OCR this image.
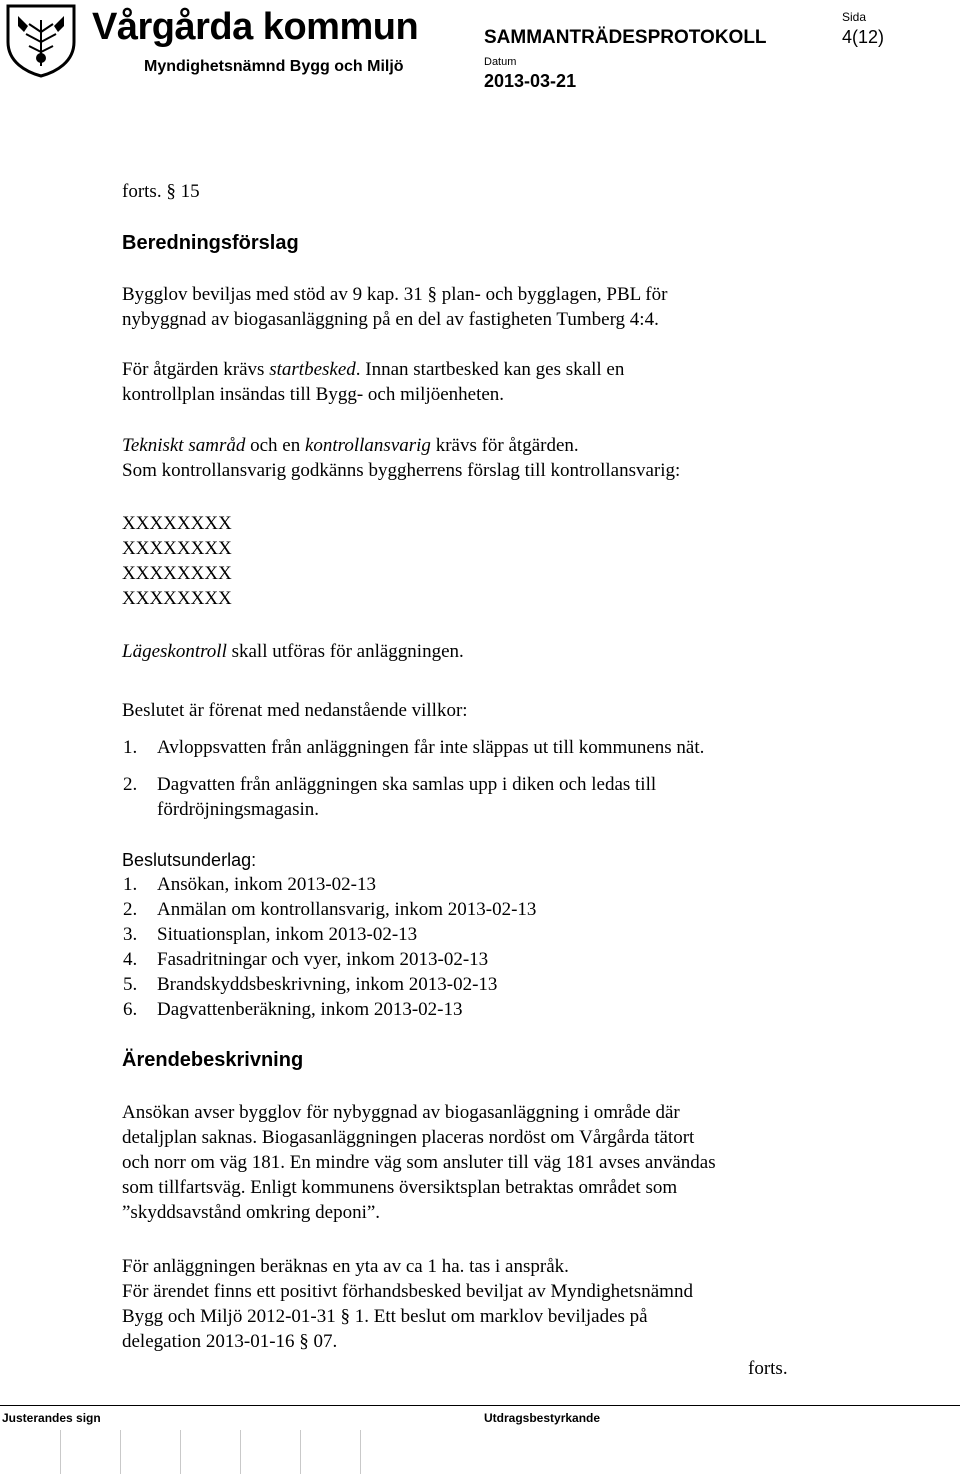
Vårgårda kommun
Myndighetsnämnd Bygg och Miljö
SAMMANTRÄDESPROTOKOLL
Datum
2013-03-21
Sida
4(12)
forts. § 15
Beredningsförslag
Bygglov beviljas med stöd av 9 kap. 31 § plan- och bygglagen, PBL för
nybyggnad av biogasanläggning på en del av fastigheten Tumberg 4:4.
För åtgärden krävs startbesked. Innan startbesked kan ges skall en
kontrollplan insändas till Bygg- och miljöenheten.
Tekniskt samråd och en kontrollansvarig krävs för åtgärden.
Som kontrollansvarig godkänns byggherrens förslag till kontrollansvarig:
XXXXXXXX
XXXXXXXX
XXXXXXXX
XXXXXXXX
Lägeskontroll skall utföras för anläggningen.
Beslutet är förenat med nedanstående villkor:
1. Avloppsvatten från anläggningen får inte släppas ut till kommunens nät.
2. Dagvatten från anläggningen ska samlas upp i diken och ledas till
fördröjningsmagasin.
Beslutsunderlag:
1. Ansökan, inkom 2013-02-13
2. Anmälan om kontrollansvarig, inkom 2013-02-13
3. Situationsplan, inkom 2013-02-13
4. Fasadritningar och vyer, inkom 2013-02-13
5. Brandskyddsbeskrivning, inkom 2013-02-13
6. Dagvattenberäkning, inkom 2013-02-13
Ärendebeskrivning
Ansökan avser bygglov för nybyggnad av biogasanläggning i område där
detaljplan saknas. Biogasanläggningen placeras nordöst om Vårgårda tätort
och norr om väg 181. En mindre väg som ansluter till väg 181 avses användas
som tillfartsväg. Enligt kommunens översiktsplan betraktas området som
”skyddsavstånd omkring deponi”.
För anläggningen beräknas en yta av ca 1 ha. tas i anspråk.
För ärendet finns ett positivt förhandsbesked beviljat av Myndighetsnämnd
Bygg och Miljö 2012-01-31 § 1. Ett beslut om marklov beviljades på
delegation 2013-01-16 § 07.
forts.
Justerandes sign	Utdragsbestyrkande
